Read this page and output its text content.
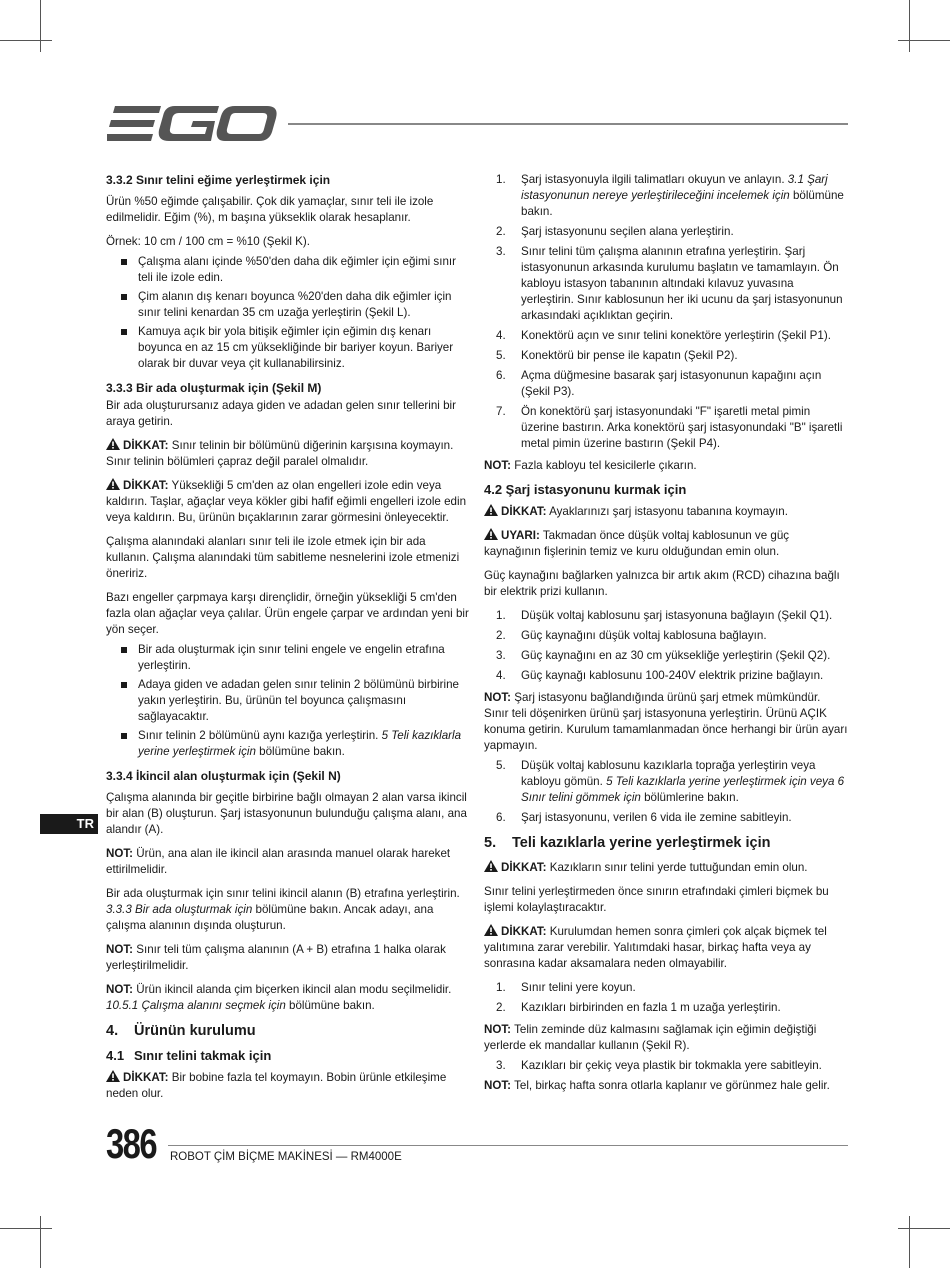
3.3.2 Sınır telini eğime yerleştirmek için

Ürün %50 eğimde çalışabilir. Çok dik yamaçlar, sınır teli ile izole edilmelidir. Eğim (%), m başına yükseklik olarak hesaplanır.

Örnek: 10 cm / 100 cm = %10 (Şekil K).

Çalışma alanı içinde %50'den daha dik eğimler için eğimi sınır teli ile izole edin.
Çim alanın dış kenarı boyunca %20'den daha dik eğimler için sınır telini kenardan 35 cm uzağa yerleştirin (Şekil L).
Kamuya açık bir yola bitişik eğimler için eğimin dış kenarı boyunca en az 15 cm yüksekliğinde bir bariyer koyun. Bariyer olarak bir duvar veya çit kullanabilirsiniz.
3.3.3 Bir ada oluşturmak için (Şekil M)

Bir ada oluşturursanız adaya giden ve adadan gelen sınır tellerini bir araya getirin.

DİKKAT: Sınır telinin bir bölümünü diğerinin karşısına koymayın. Sınır telinin bölümleri çapraz değil paralel olmalıdır.

DİKKAT: Yüksekliği 5 cm'den az olan engelleri izole edin veya kaldırın. Taşlar, ağaçlar veya kökler gibi hafif eğimli engelleri izole edin veya kaldırın. Bu, ürünün bıçaklarının zarar görmesini önleyecektir.

Çalışma alanındaki alanları sınır teli ile izole etmek için bir ada kullanın. Çalışma alanındaki tüm sabitleme nesnelerini izole etmenizi öneririz.

Bazı engeller çarpmaya karşı dirençlidir, örneğin yüksekliği 5 cm'den fazla olan ağaçlar veya çalılar. Ürün engele çarpar ve ardından yeni bir yön seçer.

Bir ada oluşturmak için sınır telini engele ve engelin etrafına yerleştirin.
Adaya giden ve adadan gelen sınır telinin 2 bölümünü birbirine yakın yerleştirin. Bu, ürünün tel boyunca çalışmasını sağlayacaktır.
Sınır telinin 2 bölümünü aynı kazığa yerleştirin. 5 Teli kazıklarla yerine yerleştirmek için bölümüne bakın.
3.3.4 İkincil alan oluşturmak için (Şekil N)

Çalışma alanında bir geçitle birbirine bağlı olmayan 2 alan varsa ikincil bir alan (B) oluşturun. Şarj istasyonunun bulunduğu çalışma alanı, ana alandır (A).

NOT: Ürün, ana alan ile ikincil alan arasında manuel olarak hareket ettirilmelidir.

Bir ada oluşturmak için sınır telini ikincil alanın (B) etrafına yerleştirin. 3.3.3 Bir ada oluşturmak için bölümüne bakın. Ancak adayı, ana çalışma alanının dışında oluşturun.

NOT: Sınır teli tüm çalışma alanının (A + B) etrafına 1 halka olarak yerleştirilmelidir.

NOT: Ürün ikincil alanda çim biçerken ikincil alan modu seçilmelidir. 10.5.1 Çalışma alanını seçmek için bölümüne bakın.

4. Ürünün kurulumu
4.1 Sınır telini takmak için

DİKKAT: Bir bobine fazla tel koymayın. Bobin ürünle etkileşime neden olur.

1. Şarj istasyonuyla ilgili talimatları okuyun ve anlayın. 3.1 Şarj istasyonunun nereye yerleştirileceğini incelemek için bölümüne bakın.
2. Şarj istasyonunu seçilen alana yerleştirin.
3. Sınır telini tüm çalışma alanının etrafına yerleştirin. Şarj istasyonunun arkasında kurulumu başlatın ve tamamlayın. Ön kabloyu istasyon tabanının altındaki kılavuz yuvasına yerleştirin. Sınır kablosunun her iki ucunu da şarj istasyonunun arkasındaki açıklıktan geçirin.
4. Konektörü açın ve sınır telini konektöre yerleştirin (Şekil P1).
5. Konektörü bir pense ile kapatın (Şekil P2).
6. Açma düğmesine basarak şarj istasyonunun kapağını açın (Şekil P3).
7. Ön konektörü şarj istasyonundaki "F" işaretli metal pimin üzerine bastırın. Arka konektörü şarj istasyonundaki "B" işaretli metal pimin üzerine bastırın (Şekil P4).

NOT: Fazla kabloyu tel kesicilerle çıkarın.

4.2 Şarj istasyonunu kurmak için

DİKKAT: Ayaklarınızı şarj istasyonu tabanına koymayın.

UYARI: Takmadan önce düşük voltaj kablosunun ve güç kaynağının fişlerinin temiz ve kuru olduğundan emin olun.

Güç kaynağını bağlarken yalnızca bir artık akım (RCD) cihazına bağlı bir elektrik prizi kullanın.

1. Düşük voltaj kablosunu şarj istasyonuna bağlayın (Şekil Q1).
2. Güç kaynağını düşük voltaj kablosuna bağlayın.
3. Güç kaynağını en az 30 cm yüksekliğe yerleştirin (Şekil Q2).
4. Güç kaynağı kablosunu 100-240V elektrik prizine bağlayın.

NOT: Şarj istasyonu bağlandığında ürünü şarj etmek mümkündür. Sınır teli döşenirken ürünü şarj istasyonuna yerleştirin. Ürünü AÇIK konuma getirin. Kurulum tamamlanmadan önce herhangi bir ürün ayarı yapmayın.

5. Düşük voltaj kablosunu kazıklarla toprağa yerleştirin veya kabloyu gömün. 5 Teli kazıklarla yerine yerleştirmek için veya 6 Sınır telini gömmek için bölümlerine bakın.
6. Şarj istasyonunu, verilen 6 vida ile zemine sabitleyin.
5. Teli kazıklarla yerine yerleştirmek için

DİKKAT: Kazıkların sınır telini yerde tuttuğundan emin olun.

Sınır telini yerleştirmeden önce sınırın etrafındaki çimleri biçmek bu işlemi kolaylaştıracaktır.

DİKKAT: Kurulumdan hemen sonra çimleri çok alçak biçmek tel yalıtımına zarar verebilir. Yalıtımdaki hasar, birkaç hafta veya ay sonrasına kadar aksamalara neden olmayabilir.

1. Sınır telini yere koyun.
2. Kazıkları birbirinden en fazla 1 m uzağa yerleştirin.

NOT: Telin zeminde düz kalmasını sağlamak için eğimin değiştiği yerlerde ek mandallar kullanın (Şekil R).

3. Kazıkları bir çekiç veya plastik bir tokmakla yere sabitleyin.

NOT: Tel, birkaç hafta sonra otlarla kaplanır ve görünmez hale gelir.

TR
386 ROBOT ÇİM BİÇME MAKİNESİ — RM4000E
